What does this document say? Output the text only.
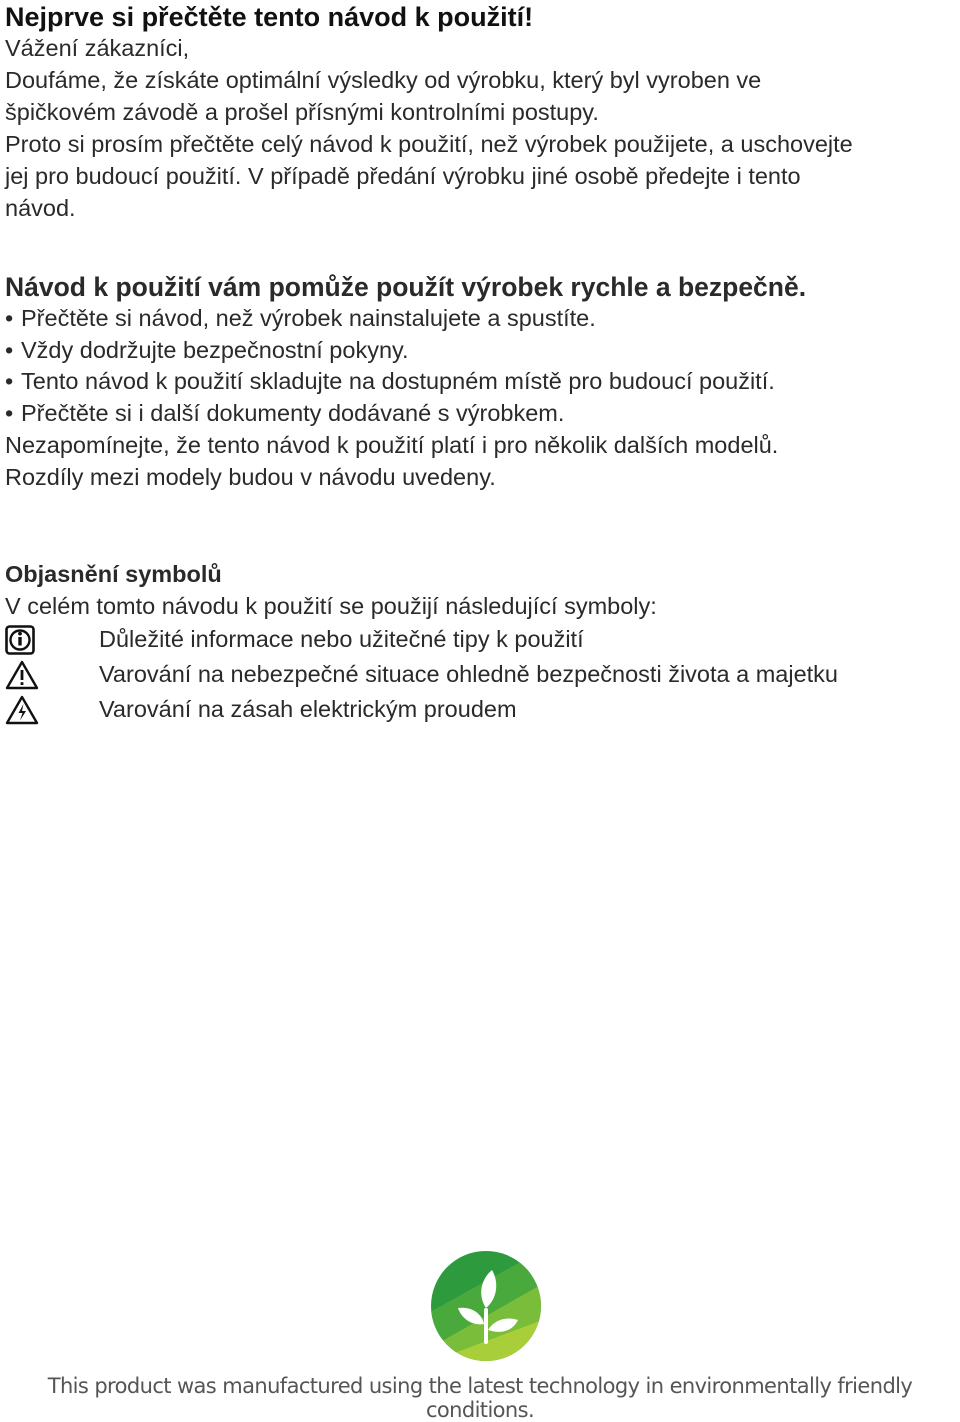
Nejprve si přečtěte tento návod k použití!

Vážení zákazníci,

Doufáme, že získáte optimální výsledky od výrobku, který byl vyroben ve

špičkovém závodě a prošel přísnými kontrolními postupy.

Proto si prosím přečtěte celý návod k použití, než výrobek použijete, a uschovejte

jej pro budoucí použití. V případě předání výrobku jiné osobě předejte i tento

návod.

Návod k použití vám pomůže použít výrobek rychle a bezpečně.
• Přečtěte si návod, než výrobek nainstalujete a spustíte.
• Vždy dodržujte bezpečnostní pokyny.
• Tento návod k použití skladujte na dostupném místě pro budoucí použití.
• Přečtěte si i další dokumenty dodávané s výrobkem.

Nezapomínejte, že tento návod k použití platí i pro několik dalších modelů.

Rozdíly mezi modely budou v návodu uvedeny.

Objasnění symbolů

V celém tomto návodu k použití se použijí následující symboly:

Důležité informace nebo užitečné tipy k použití
Varování na nebezpečné situace ohledně bezpečnosti života a majetku
Varování na zásah elektrickým proudem
This product was manufactured using the latest technology in environmentally friendly conditions.
